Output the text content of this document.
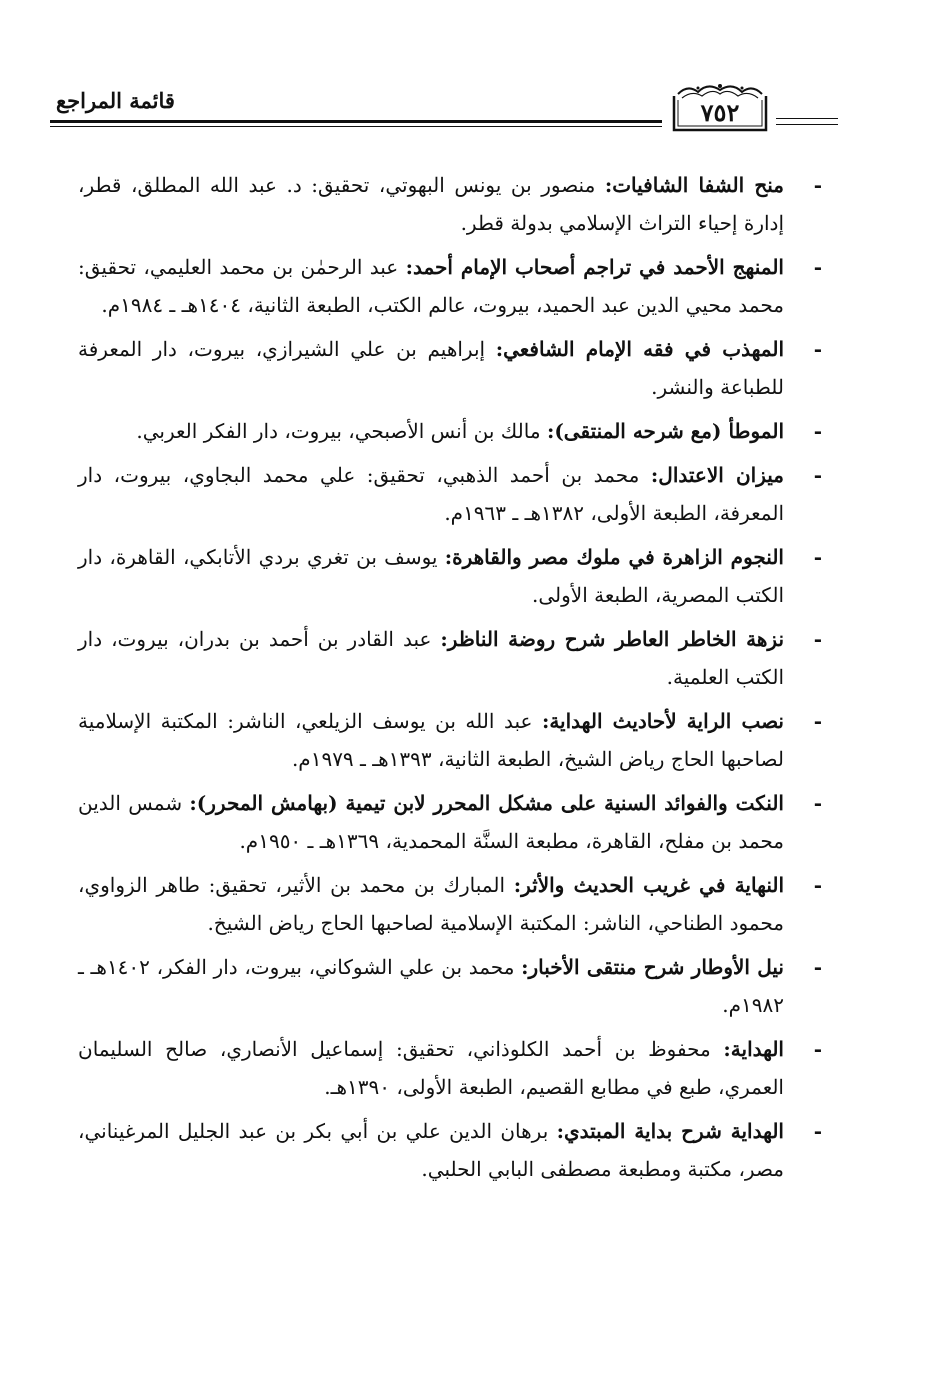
قائمة المراجع	٧٥٢
- منح الشفا الشافيات: منصور بن يونس البهوتي، تحقيق: د. عبد الله المطلق، قطر، إدارة إحياء التراث الإسلامي بدولة قطر.
- المنهج الأحمد في تراجم أصحاب الإمام أحمد: عبد الرحمٰن بن محمد العليمي، تحقيق: محمد محيي الدين عبد الحميد، بيروت، عالم الكتب، الطبعة الثانية، ١٤٠٤هـ ـ ١٩٨٤م.
- المهذب في فقه الإمام الشافعي: إبراهيم بن علي الشيرازي، بيروت، دار المعرفة للطباعة والنشر.
- الموطأ (مع شرحه المنتقى): مالك بن أنس الأصبحي، بيروت، دار الفكر العربي.
- ميزان الاعتدال: محمد بن أحمد الذهبي، تحقيق: علي محمد البجاوي، بيروت، دار المعرفة، الطبعة الأولى، ١٣٨٢هـ ـ ١٩٦٣م.
- النجوم الزاهرة في ملوك مصر والقاهرة: يوسف بن تغري بردي الأتابكي، القاهرة، دار الكتب المصرية، الطبعة الأولى.
- نزهة الخاطر العاطر شرح روضة الناظر: عبد القادر بن أحمد بن بدران، بيروت، دار الكتب العلمية.
- نصب الراية لأحاديث الهداية: عبد الله بن يوسف الزيلعي، الناشر: المكتبة الإسلامية لصاحبها الحاج رياض الشيخ، الطبعة الثانية، ١٣٩٣هـ ـ ١٩٧٩م.
- النكت والفوائد السنية على مشكل المحرر لابن تيمية (بهامش المحرر): شمس الدين محمد بن مفلح، القاهرة، مطبعة السنَّة المحمدية، ١٣٦٩هـ ـ ١٩٥٠م.
- النهاية في غريب الحديث والأثر: المبارك بن محمد بن الأثير، تحقيق: طاهر الزواوي، محمود الطناحي، الناشر: المكتبة الإسلامية لصاحبها الحاج رياض الشيخ.
- نيل الأوطار شرح منتقى الأخبار: محمد بن علي الشوكاني، بيروت، دار الفكر، ١٤٠٢هـ ـ ١٩٨٢م.
- الهداية: محفوظ بن أحمد الكلوذاني، تحقيق: إسماعيل الأنصاري، صالح السليمان العمري، طبع في مطابع القصيم، الطبعة الأولى، ١٣٩٠هـ.
- الهداية شرح بداية المبتدي: برهان الدين علي بن أبي بكر بن عبد الجليل المرغيناني، مصر، مكتبة ومطبعة مصطفى البابي الحلبي.
